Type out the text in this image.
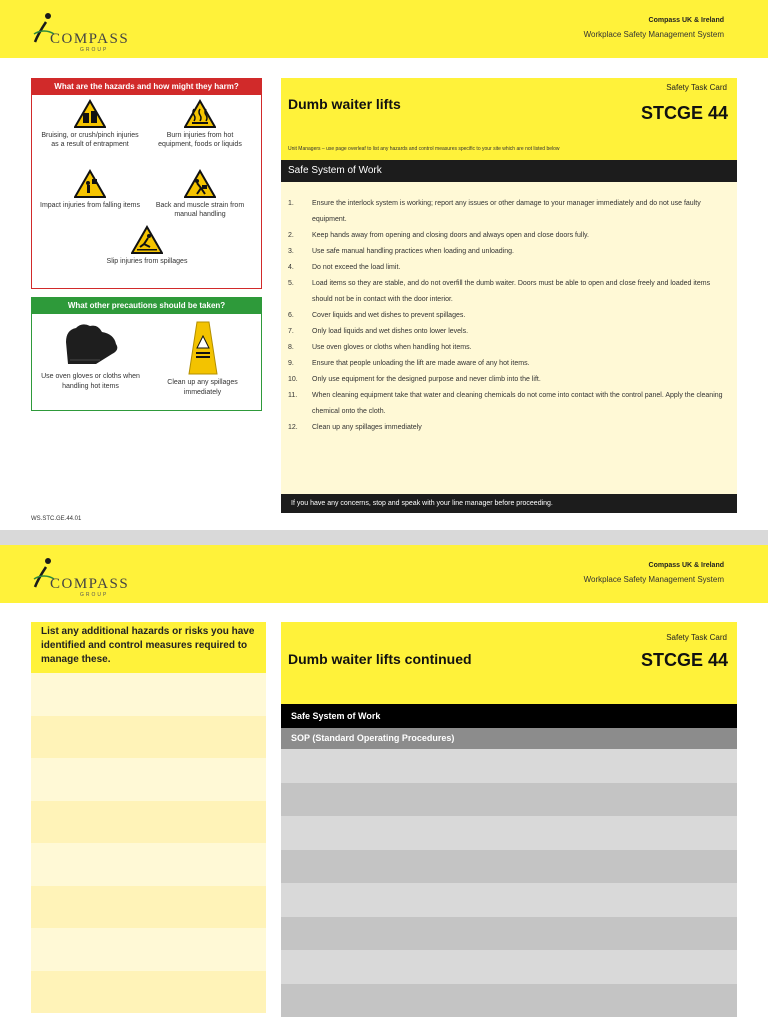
COMPASS
GROUP
Compass UK & Ireland
Workplace Safety Management System
What are the hazards and how might they harm?
Bruising, or crush/pinch injuries as a result of entrapment
Burn injuries from hot equipment, foods or liquids
Impact injuries from falling items	Back and muscle strain from manual handling
Slip injuries from spillages
What other precautions should be taken?
Use oven gloves or cloths when handling hot items
Clean up any spillages immediately
WS.STC.GE.44.01
Dumb waiter lifts
Safety Task Card
STCGE 44
Unit Managers – use page overleaf to list any hazards and control measures specific to your site which are not listed below
Safe System of Work
1.	Ensure the interlock system is working; report any issues or other damage to your manager immediately and do not use faulty equipment.
2.	Keep hands away from opening and closing doors and always open and close doors fully.
3.	Use safe manual handling practices when loading and unloading.
4.	Do not exceed the load limit.
5.	Load items so they are stable, and do not overfill the dumb waiter. Doors must be able to open and close freely and loaded items should not be in contact with the door interior.
6.	Cover liquids and wet dishes to prevent spillages.
7.	Only load liquids and wet dishes onto lower levels.
8.	Use oven gloves or cloths when handling hot items.
9.	Ensure that people unloading the lift are made aware of any hot items.
10.	Only use equipment for the designed purpose and never climb into the lift.
11.	When cleaning equipment take that water and cleaning chemicals do not come into contact with the control panel. Apply the cleaning chemical onto the cloth.
12.	Clean up any spillages immediately
If you have any concerns, stop and speak with your line manager before proceeding.
COMPASS
GROUP
Compass UK & Ireland
Workplace Safety Management System
List any additional hazards or risks you have identified and control measures required to manage these.	Dumb waiter lifts continued
Safety Task Card
STCGE 44
Safe System of Work
SOP (Standard Operating Procedures)
